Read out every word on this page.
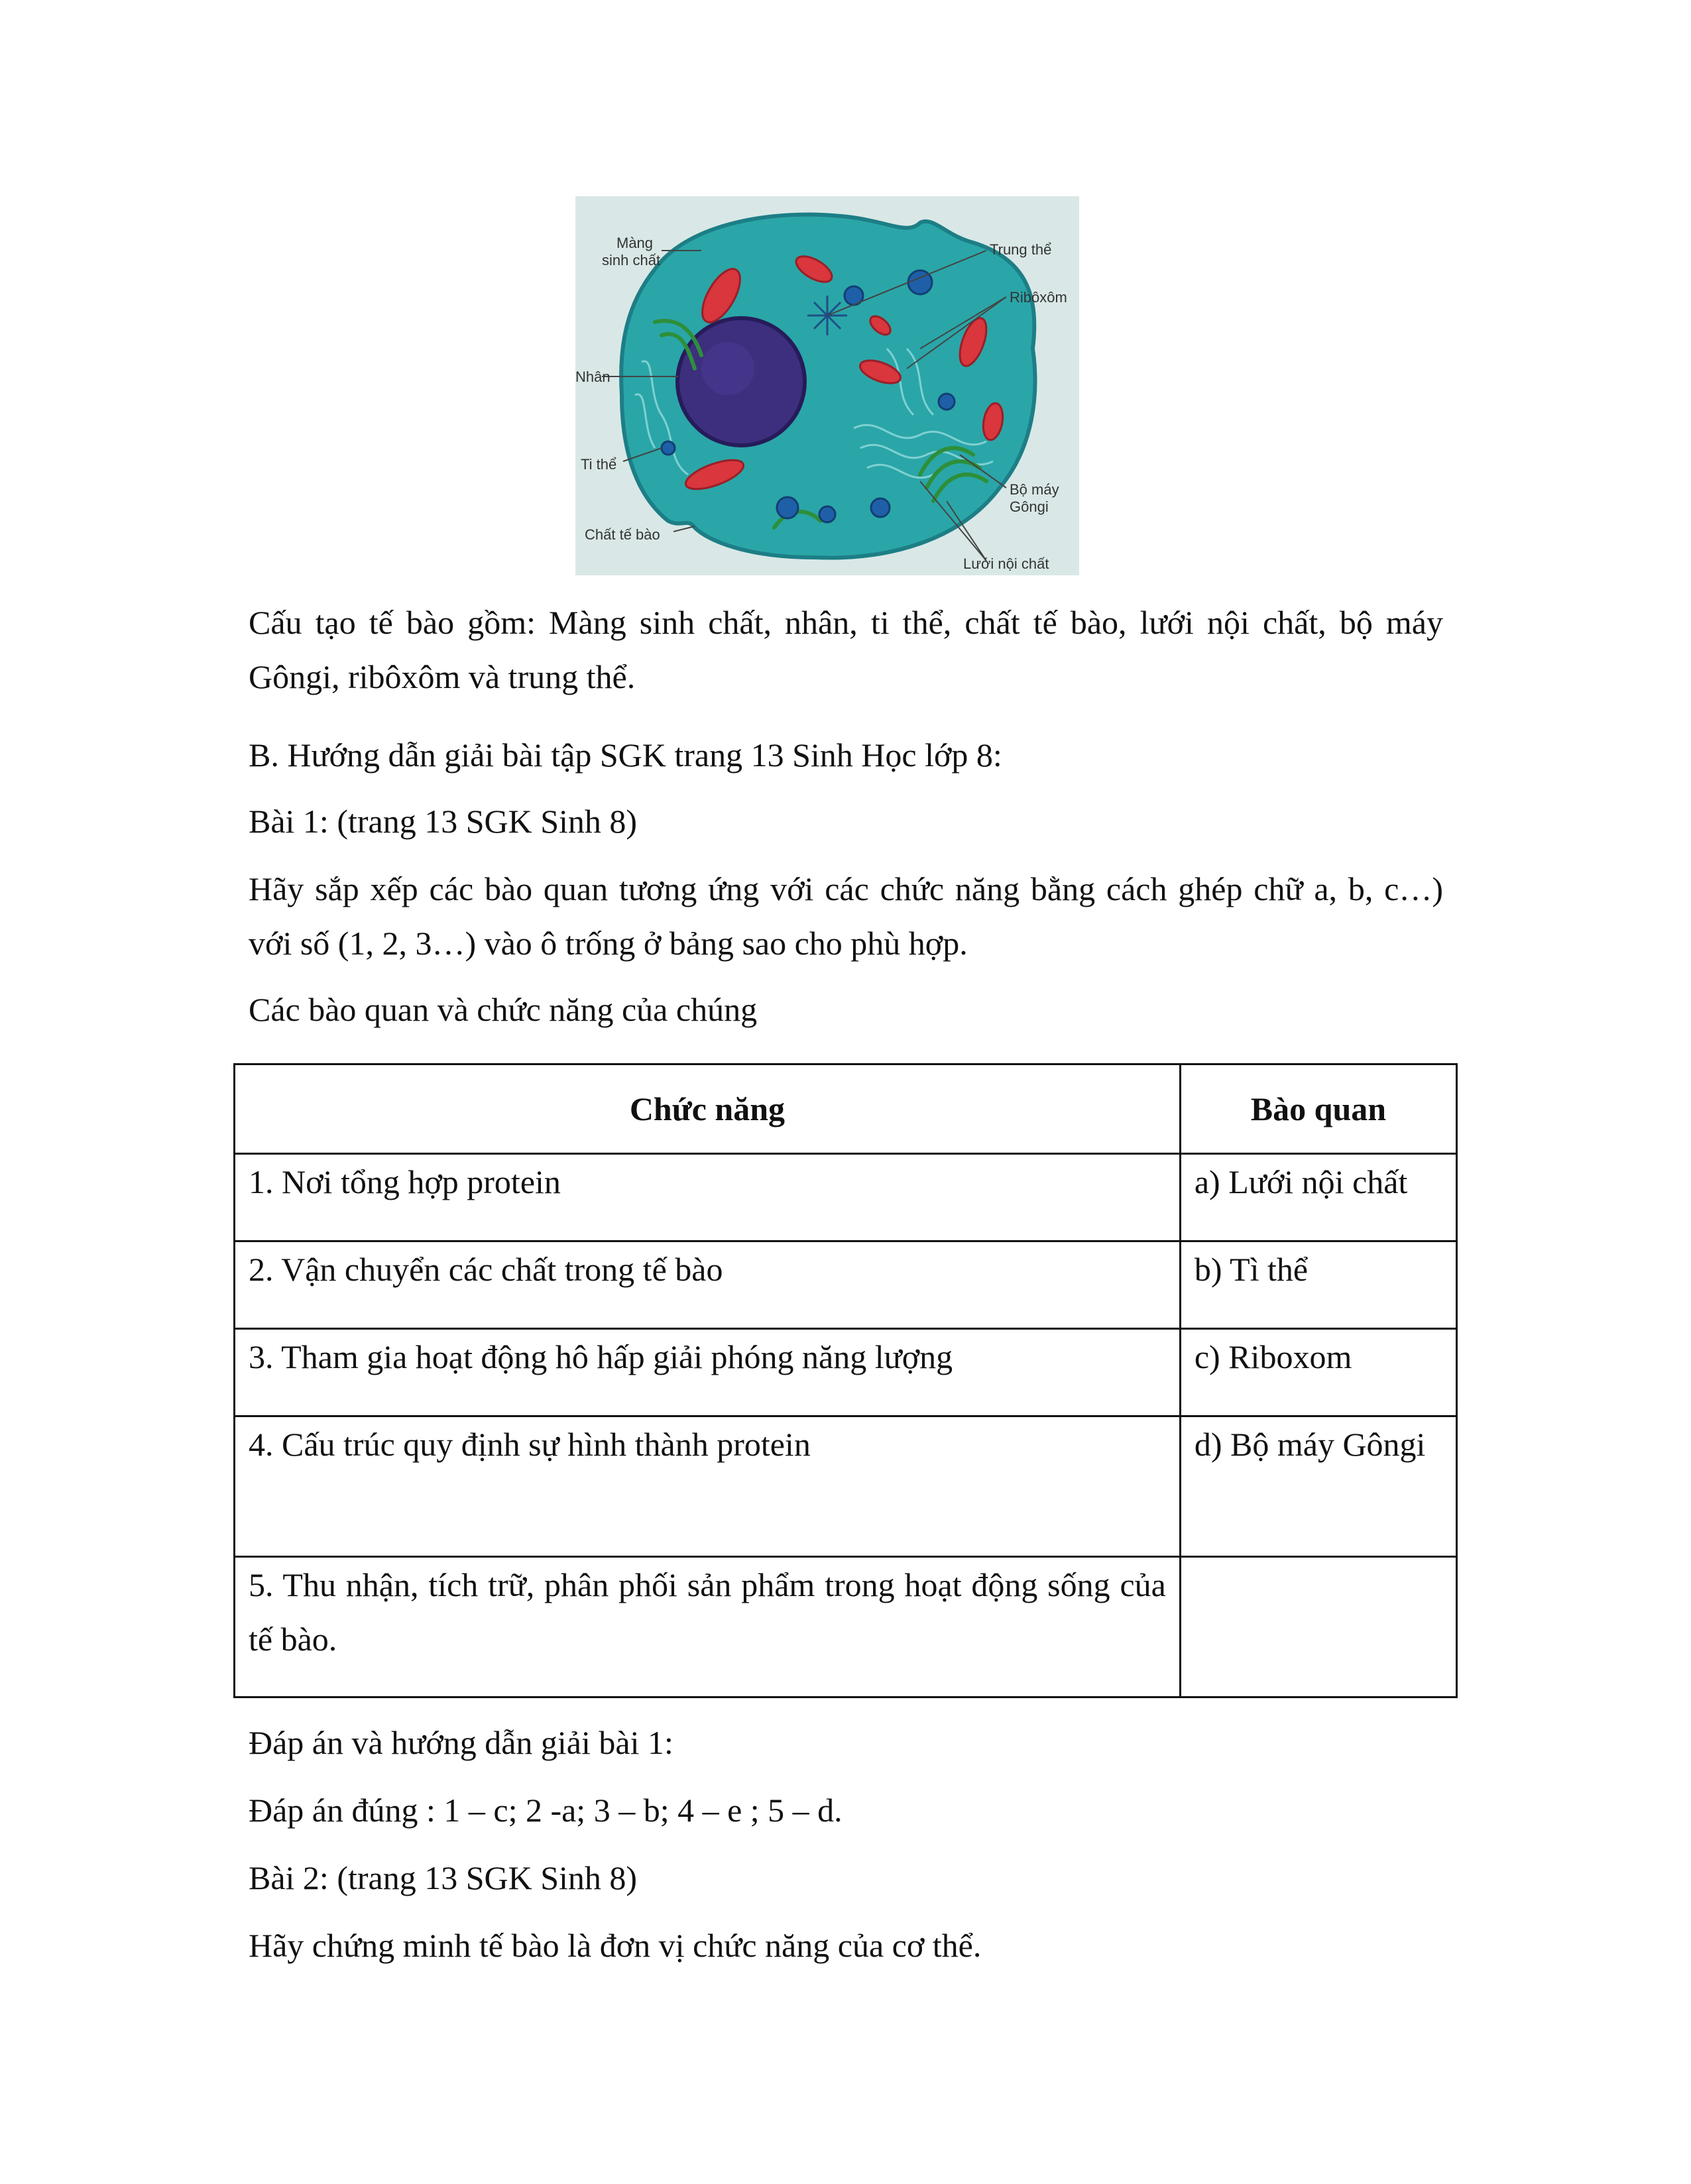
Màng
sinh chất
Nhân
Ti thể
Chất tế bào
Trung thể
Ribôxôm
Bộ máy
Gôngi
Lưới nội chất

Cấu tạo tế bào gồm: Màng sinh chất, nhân, ti thể, chất tế bào, lưới nội chất, bộ máy Gôngi, ribôxôm và trung thể.

B. Hướng dẫn giải bài tập SGK trang 13 Sinh Học lớp 8:

Bài 1: (trang 13 SGK Sinh 8)

Hãy sắp xếp các bào quan tương ứng với các chức năng bằng cách ghép chữ a, b, c…) với số (1, 2, 3…) vào ô trống ở bảng sao cho phù hợp.

Các bào quan và chức năng của chúng

Chức năng	Bào quan
1. Nơi tổng hợp protein	a) Lưới nội chất
2. Vận chuyển các chất trong tế bào	b) Tì thể
3. Tham gia hoạt động hô hấp giải phóng năng lượng	c) Riboxom
4. Cấu trúc quy định sự hình thành protein	d) Bộ máy Gôngi
5. Thu nhận, tích trữ, phân phối sản phẩm trong hoạt động sống của tế bào.	

Đáp án và hướng dẫn giải bài 1:

Đáp án đúng : 1 – c; 2 -a; 3 – b; 4 – e ; 5 – d.

Bài 2: (trang 13 SGK Sinh 8)

Hãy chứng minh tế bào là đơn vị chức năng của cơ thể.
